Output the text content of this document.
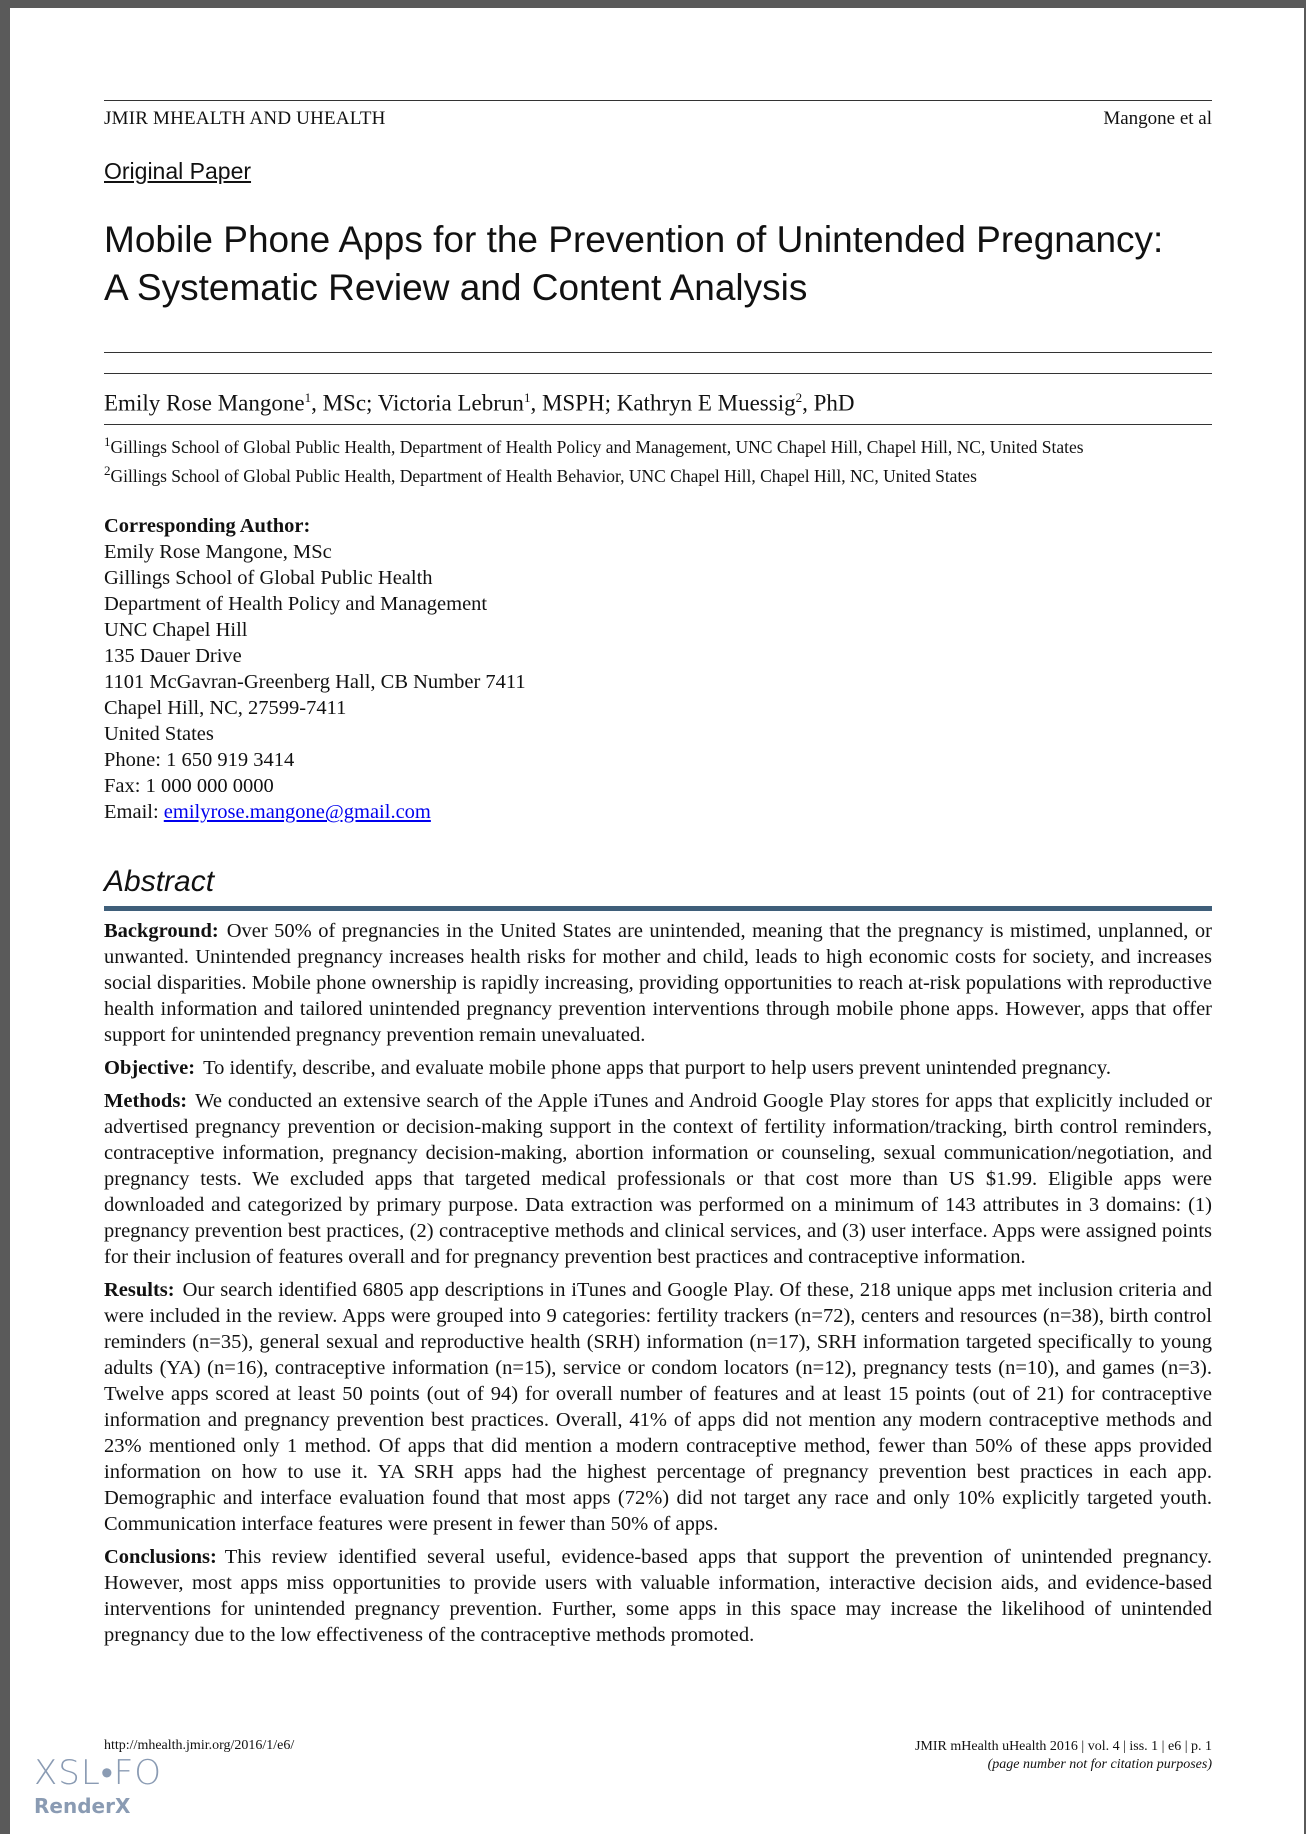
JMIR MHEALTH AND UHEALTH	Mangone et al
Original Paper
Mobile Phone Apps for the Prevention of Unintended Pregnancy:
A Systematic Review and Content Analysis
Emily Rose Mangone$^1$, MSc; Victoria Lebrun$^1$, MSPH; Kathryn E Muessig$^2$, PhD
$^1$Gillings School of Global Public Health, Department of Health Policy and Management, UNC Chapel Hill, Chapel Hill, NC, United States
$^2$Gillings School of Global Public Health, Department of Health Behavior, UNC Chapel Hill, Chapel Hill, NC, United States
Corresponding Author:
Emily Rose Mangone, MSc
Gillings School of Global Public Health
Department of Health Policy and Management
UNC Chapel Hill
135 Dauer Drive
1101 McGavran-Greenberg Hall, CB Number 7411
Chapel Hill, NC, 27599-7411
United States
Phone: 1 650 919 3414
Fax: 1 000 000 0000
Email: emilyrose.mangone@gmail.com
Abstract

Background: Over 50% of pregnancies in the United States are unintended, meaning that the pregnancy is mistimed, unplanned, or unwanted. Unintended pregnancy increases health risks for mother and child, leads to high economic costs for society, and increases social disparities. Mobile phone ownership is rapidly increasing, providing opportunities to reach at-risk populations with reproductive health information and tailored unintended pregnancy prevention interventions through mobile phone apps. However, apps that offer support for unintended pregnancy prevention remain unevaluated.

Objective: To identify, describe, and evaluate mobile phone apps that purport to help users prevent unintended pregnancy.

Methods: We conducted an extensive search of the Apple iTunes and Android Google Play stores for apps that explicitly included or advertised pregnancy prevention or decision-making support in the context of fertility information/tracking, birth control reminders, contraceptive information, pregnancy decision-making, abortion information or counseling, sexual communication/negotiation, and pregnancy tests. We excluded apps that targeted medical professionals or that cost more than US $1.99. Eligible apps were downloaded and categorized by primary purpose. Data extraction was performed on a minimum of 143 attributes in 3 domains: (1) pregnancy prevention best practices, (2) contraceptive methods and clinical services, and (3) user interface. Apps were assigned points for their inclusion of features overall and for pregnancy prevention best practices and contraceptive information.

Results: Our search identified 6805 app descriptions in iTunes and Google Play. Of these, 218 unique apps met inclusion criteria and were included in the review. Apps were grouped into 9 categories: fertility trackers (n=72), centers and resources (n=38), birth control reminders (n=35), general sexual and reproductive health (SRH) information (n=17), SRH information targeted specifically to young adults (YA) (n=16), contraceptive information (n=15), service or condom locators (n=12), pregnancy tests (n=10), and games (n=3). Twelve apps scored at least 50 points (out of 94) for overall number of features and at least 15 points (out of 21) for contraceptive information and pregnancy prevention best practices. Overall, 41% of apps did not mention any modern contraceptive methods and 23% mentioned only 1 method. Of apps that did mention a modern contraceptive method, fewer than 50% of these apps provided information on how to use it. YA SRH apps had the highest percentage of pregnancy prevention best practices in each app. Demographic and interface evaluation found that most apps (72%) did not target any race and only 10% explicitly targeted youth. Communication interface features were present in fewer than 50% of apps.

Conclusions: This review identified several useful, evidence-based apps that support the prevention of unintended pregnancy. However, most apps miss opportunities to provide users with valuable information, interactive decision aids, and evidence-based interventions for unintended pregnancy prevention. Further, some apps in this space may increase the likelihood of unintended pregnancy due to the low effectiveness of the contraceptive methods promoted.

http://mhealth.jmir.org/2016/1/e6/	JMIR mHealth uHealth 2016 | vol. 4 | iss. 1 | e6 | p. 1
(page number not for citation purposes)
XSL•FO
RenderX
